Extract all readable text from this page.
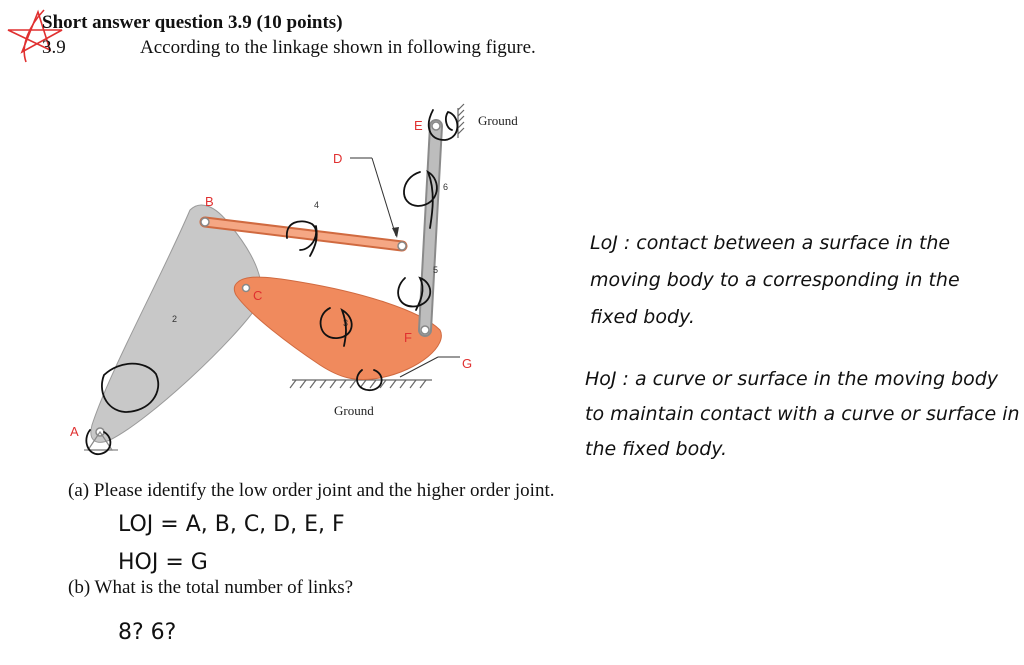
A
B
C
D
E
F
G
2	3
4
5
6
Ground
Ground
Short answer question 3.9 (10 points)
3.9	According to the linkage shown in following figure.
LoJ : contact between a surface in the moving body to a corresponding in the fixed body.
HoJ : a curve or surface in the moving body to maintain contact with a curve or surface in the fixed body.
(a) Please identify the low order joint and the higher order joint.
LOJ = A, B, C, D, E, F
HOJ = G
(b) What is the total number of links?
8? 6?
